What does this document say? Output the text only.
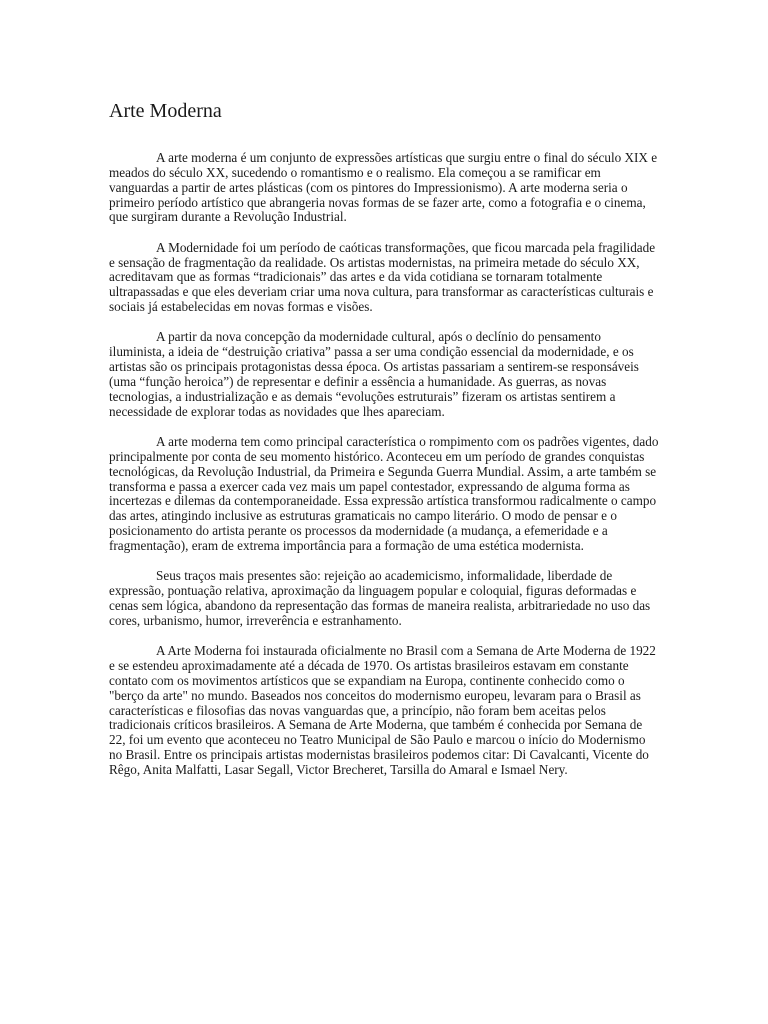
Arte Moderna

A arte moderna é um conjunto de expressões artísticas que surgiu entre o final do século XIX e meados do século XX, sucedendo o romantismo e o realismo. Ela começou a se ramificar em vanguardas a partir de artes plásticas (com os pintores do Impressionismo). A arte moderna seria o primeiro período artístico que abrangeria novas formas de se fazer arte, como a fotografia e o cinema, que surgiram durante a Revolução Industrial.

A Modernidade foi um período de caóticas transformações, que ficou marcada pela fragilidade e sensação de fragmentação da realidade. Os artistas modernistas, na primeira metade do século XX, acreditavam que as formas “tradicionais” das artes e da vida cotidiana se tornaram totalmente ultrapassadas e que eles deveriam criar uma nova cultura, para transformar as características culturais e sociais já estabelecidas em novas formas e visões.

A partir da nova concepção da modernidade cultural, após o declínio do pensamento iluminista, a ideia de “destruição criativa” passa a ser uma condição essencial da modernidade, e os artistas são os principais protagonistas dessa época. Os artistas passariam a sentirem-se responsáveis (uma “função heroica”) de representar e definir a essência a humanidade. As guerras, as novas tecnologias, a industrialização e as demais “evoluções estruturais” fizeram os artistas sentirem a necessidade de explorar todas as novidades que lhes apareciam.

A arte moderna tem como principal característica o rompimento com os padrões vigentes, dado principalmente por conta de seu momento histórico. Aconteceu em um período de grandes conquistas tecnológicas, da Revolução Industrial, da Primeira e Segunda Guerra Mundial. Assim, a arte também se transforma e passa a exercer cada vez mais um papel contestador, expressando de alguma forma as incertezas e dilemas da contemporaneidade. Essa expressão artística transformou radicalmente o campo das artes, atingindo inclusive as estruturas gramaticais no campo literário. O modo de pensar e o posicionamento do artista perante os processos da modernidade (a mudança, a efemeridade e a fragmentação), eram de extrema importância para a formação de uma estética modernista.

Seus traços mais presentes são: rejeição ao academicismo, informalidade, liberdade de expressão, pontuação relativa, aproximação da linguagem popular e coloquial, figuras deformadas e cenas sem lógica, abandono da representação das formas de maneira realista, arbitrariedade no uso das cores, urbanismo, humor, irreverência e estranhamento.

A Arte Moderna foi instaurada oficialmente no Brasil com a Semana de Arte Moderna de 1922 e se estendeu aproximadamente até a década de 1970. Os artistas brasileiros estavam em constante contato com os movimentos artísticos que se expandiam na Europa, continente conhecido como o "berço da arte" no mundo. Baseados nos conceitos do modernismo europeu, levaram para o Brasil as características e filosofias das novas vanguardas que, a princípio, não foram bem aceitas pelos tradicionais críticos brasileiros. A Semana de Arte Moderna, que também é conhecida por Semana de 22, foi um evento que aconteceu no Teatro Municipal de São Paulo e marcou o início do Modernismo no Brasil. Entre os principais artistas modernistas brasileiros podemos citar: Di Cavalcanti, Vicente do Rêgo, Anita Malfatti, Lasar Segall, Victor Brecheret, Tarsilla do Amaral e Ismael Nery.
